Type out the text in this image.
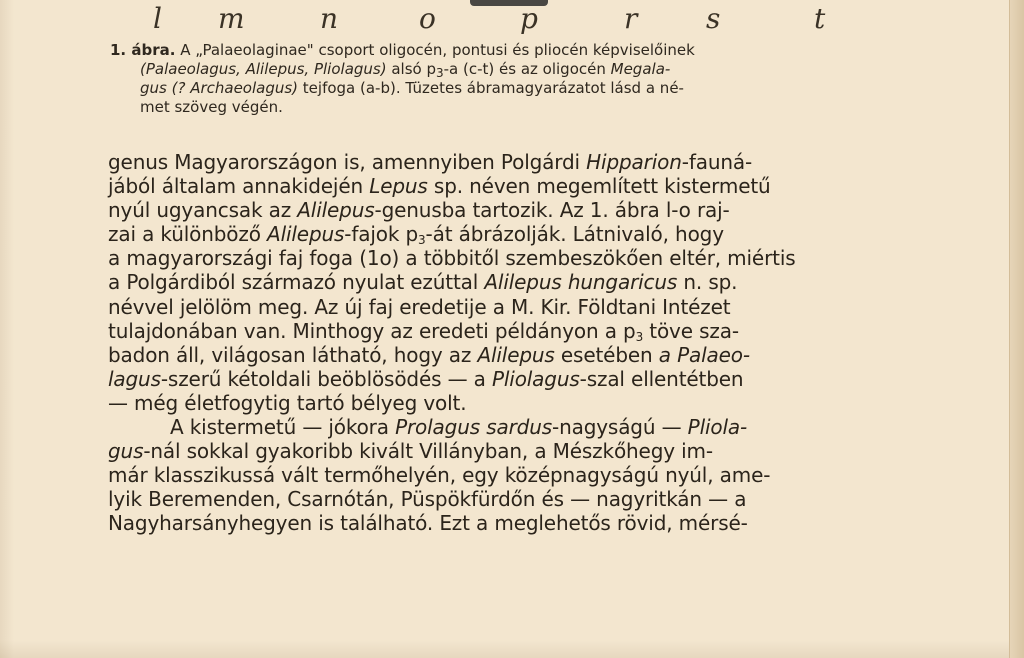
l m	n	o	p	r s	t
1. ábra. A „Palaeolaginae" csoport oligocén, pontusi és pliocén képviselőinek
(Palaeolagus, Alilepus, Pliolagus) alsó $p_3-a$ (c-t) és az oligocén Megala-
gus (? Archaeolagus) tejfoga (a-b). Tüzetes ábramagyarázatot lásd a né-
met szöveg végén.
genus Magyarországon is, amennyiben Polgárdi Hipparion-fauná-
jából általam annakidején Lepus sp. néven megemlített kistermetű
nyúl ugyancsak az Alilepus-genusba tartozik. Az 1. ábra l-o raj-
zai a különböző Alilepus-fajok $p_3-át$ ábrázolják. Látnivaló, hogy
a magyarországi faj foga (1o) a többitől szembeszökően eltér, miértis
a Polgárdiból származó nyulat ezúttal Alilepus hungaricus n. sp.
névvel jelölöm meg. Az új faj eredetije a M. Kir. Földtani Intézet
tulajdonában van. Minthogy az eredeti példányon a $p_3$ töve sza-
badon áll, világosan látható, hogy az Alilepus esetében a Palaeo-
lagus-szerű kétoldali beöblösödés — a Pliolagus-szal ellentétben
— még életfogytig tartó bélyeg volt.
A kistermetű — jókora Prolagus sardus-nagyságú — Pliola-
gus-nál sokkal gyakoribb kivált Villányban, a Mészkőhegy im-
már klasszikussá vált termőhelyén, egy középnagyságú nyúl, ame-
lyik Beremenden, Csarnótán, Püspökfürdőn és — nagyritkán — a
Nagyharsányhegyen is található. Ezt a meglehetős rövid, mérsé-
